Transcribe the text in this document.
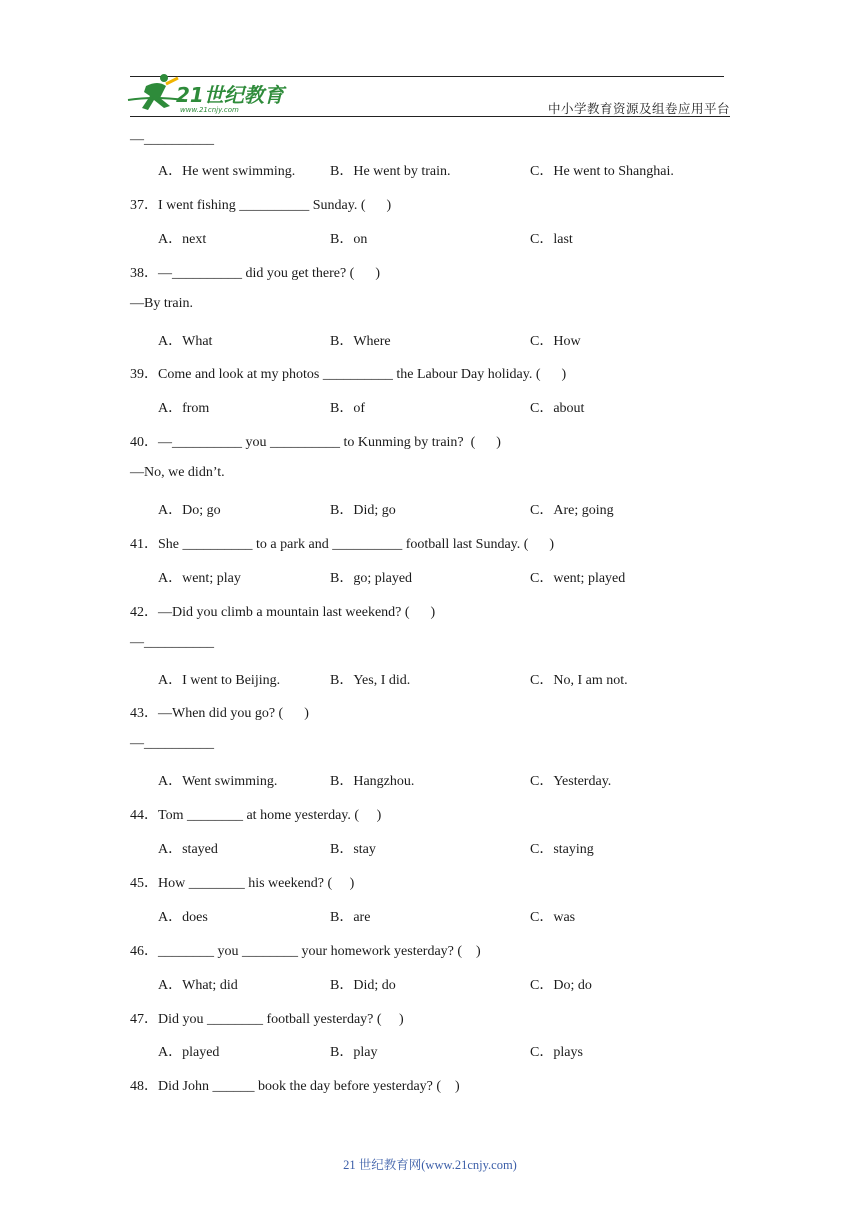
21世纪教育
www.21cnjy.com	中小学教育资源及组卷应用平台
—__________
A．He went swimming. B．He went by train.	C．He went to Shanghai.
37．I went fishing __________ Sunday. (      )
A．next	B．on	C．last
38．—__________ did you get there? (      )
—By train.
A．What	B．Where	C．How
39．Come and look at my photos __________ the Labour Day holiday. (      )
A．from	B．of	C．about
40．—__________ you __________ to Kunming by train?  (      )
—No, we didn’t.
A．Do; go	B．Did; go	C．Are; going
41．She __________ to a park and __________ football last Sunday. (      )
A．went; play	B．go; played	C．went; played
42．—Did you climb a mountain last weekend? (      )
—__________
A．I went to Beijing.	B．Yes, I did.	C．No, I am not.
43．—When did you go? (      )
—__________
A．Went swimming.	B．Hangzhou.	C．Yesterday.
44．Tom ________ at home yesterday. (     )
A．stayed	B．stay	C．staying
45．How ________ his weekend? (     )
A．does	B．are	C．was
46．________ you ________ your homework yesterday? (    )
A．What; did	B．Did; do	C．Do; do
47．Did you ________ football yesterday? (     )
A．played	B．play	C．plays
48．Did John ______ book the day before yesterday? (    )
21 世纪教育网(www.21cnjy.com)
